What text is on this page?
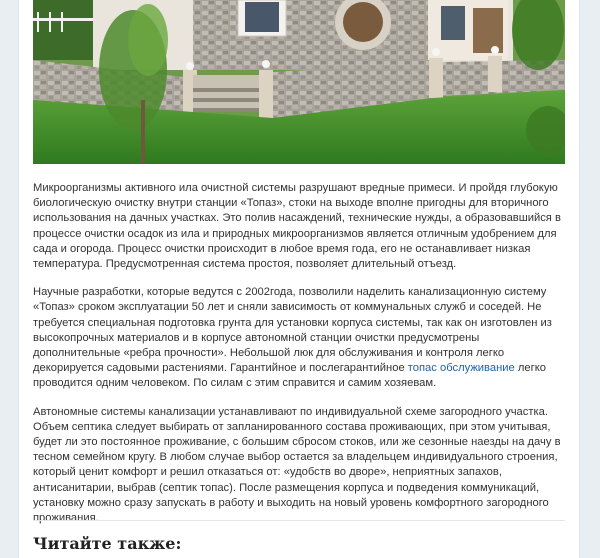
Микроорганизмы активного ила очистной системы разрушают вредные примеси. И пройдя глубокую биологическую очистку внутри станции «Топаз», стоки на выходе вполне пригодны для вторичного использования на дачных участках. Это полив насаждений, технические нужды, а образовавшийся в процессе очистки осадок из ила и природных микроорганизмов является отличным удобрением для сада и огорода. Процесс очистки происходит в любое время года, его не останавливает низкая температура. Предусмотренная система простоя, позволяет длительный отъезд.

Научные разработки, которые ведутся с 2002года, позволили наделить канализационную систему «Топаз» сроком эксплуатации 50 лет и сняли зависимость от коммунальных служб и соседей. Не требуется специальная подготовка грунта для установки корпуса системы, так как он изготовлен из высокопрочных материалов и в корпусе автономной станции очистки предусмотрены дополнительные «ребра прочности». Небольшой люк для обслуживания и контроля легко декорируется садовыми растениями. Гарантийное и послегарантийное топас обслуживание легко проводится одним человеком. По силам с этим справится и самим хозяевам.

Автономные системы канализации устанавливают по индивидуальной схеме загородного участка. Объем септика следует выбирать от запланированного состава проживающих, при этом учитывая, будет ли это постоянное проживание, с большим сбросом стоков, или же сезонные наезды на дачу в тесном семейном кругу. В любом случае выбор остается за владельцем индивидуального строения, который ценит комфорт и решил отказаться от: «удобств во дворе», неприятных запахов, антисанитарии, выбрав (септик топас). После размещения корпуса и подведения коммуникаций, установку можно сразу запускать в работу и выходить на новый уровень комфортного загородного проживания.

Читайте также:
